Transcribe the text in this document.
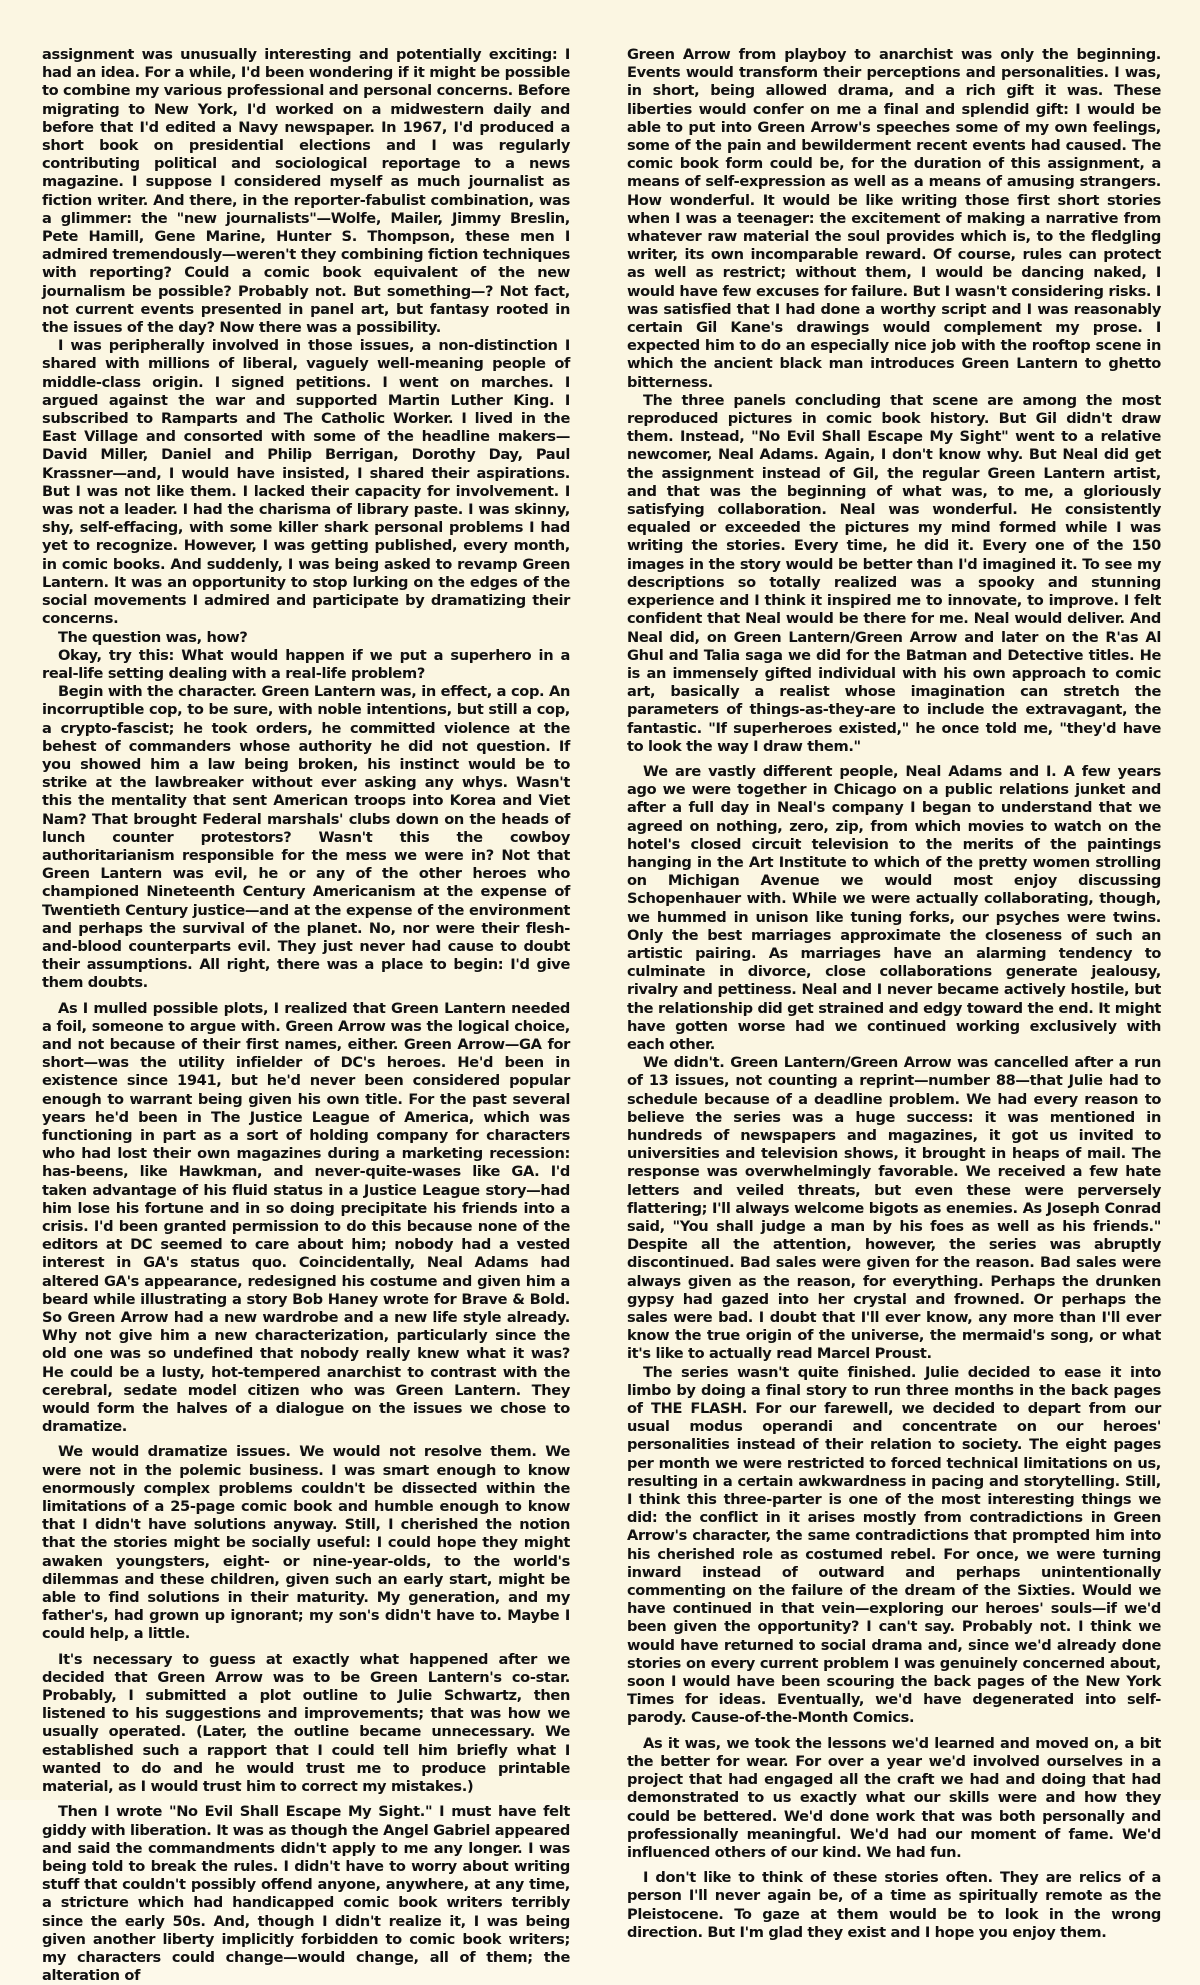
assignment was unusually interesting and potentially exciting: I had an idea. For a while, I'd been wondering if it might be possible to combine my various professional and personal concerns. Before migrating to New York, I'd worked on a midwestern daily and before that I'd edited a Navy newspaper. In 1967, I'd produced a short book on presidential elections and I was regularly contributing political and sociological reportage to a news magazine. I suppose I considered myself as much journalist as fiction writer. And there, in the reporter-fabulist combination, was a glimmer: the "new journalists"—Wolfe, Mailer, Jimmy Breslin, Pete Hamill, Gene Marine, Hunter S. Thompson, these men I admired tremendously—weren't they combining fiction techniques with reporting? Could a comic book equivalent of the new journalism be possible? Probably not. But something—? Not fact, not current events presented in panel art, but fantasy rooted in the issues of the day? Now there was a possibility.

I was peripherally involved in those issues, a non-distinction I shared with millions of liberal, vaguely well-meaning people of middle-class origin. I signed petitions. I went on marches. I argued against the war and supported Martin Luther King. I subscribed to Ramparts and The Catholic Worker. I lived in the East Village and consorted with some of the headline makers—David Miller, Daniel and Philip Berrigan, Dorothy Day, Paul Krassner—and, I would have insisted, I shared their aspirations. But I was not like them. I lacked their capacity for involvement. I was not a leader. I had the charisma of library paste. I was skinny, shy, self-effacing, with some killer shark personal problems I had yet to recognize. However, I was getting published, every month, in comic books. And suddenly, I was being asked to revamp Green Lantern. It was an opportunity to stop lurking on the edges of the social movements I admired and participate by dramatizing their concerns.

The question was, how?

Okay, try this: What would happen if we put a superhero in a real-life setting dealing with a real-life problem?

Begin with the character. Green Lantern was, in effect, a cop. An incorruptible cop, to be sure, with noble intentions, but still a cop, a crypto-fascist; he took orders, he committed violence at the behest of commanders whose authority he did not question. If you showed him a law being broken, his instinct would be to strike at the lawbreaker without ever asking any whys. Wasn't this the mentality that sent American troops into Korea and Viet Nam? That brought Federal marshals' clubs down on the heads of lunch counter protestors? Wasn't this the cowboy authoritarianism responsible for the mess we were in? Not that Green Lantern was evil, he or any of the other heroes who championed Nineteenth Century Americanism at the expense of Twentieth Century justice—and at the expense of the environment and perhaps the survival of the planet. No, nor were their flesh-and-blood counterparts evil. They just never had cause to doubt their assumptions. All right, there was a place to begin: I'd give them doubts.

As I mulled possible plots, I realized that Green Lantern needed a foil, someone to argue with. Green Arrow was the logical choice, and not because of their first names, either. Green Arrow—GA for short—was the utility infielder of DC's heroes. He'd been in existence since 1941, but he'd never been considered popular enough to warrant being given his own title. For the past several years he'd been in The Justice League of America, which was functioning in part as a sort of holding company for characters who had lost their own magazines during a marketing recession: has-beens, like Hawkman, and never-quite-wases like GA. I'd taken advantage of his fluid status in a Justice League story—had him lose his fortune and in so doing precipitate his friends into a crisis. I'd been granted permission to do this because none of the editors at DC seemed to care about him; nobody had a vested interest in GA's status quo. Coincidentally, Neal Adams had altered GA's appearance, redesigned his costume and given him a beard while illustrating a story Bob Haney wrote for Brave & Bold. So Green Arrow had a new wardrobe and a new life style already. Why not give him a new characterization, particularly since the old one was so undefined that nobody really knew what it was? He could be a lusty, hot-tempered anarchist to contrast with the cerebral, sedate model citizen who was Green Lantern. They would form the halves of a dialogue on the issues we chose to dramatize.

We would dramatize issues. We would not resolve them. We were not in the polemic business. I was smart enough to know enormously complex problems couldn't be dissected within the limitations of a 25-page comic book and humble enough to know that I didn't have solutions anyway. Still, I cherished the notion that the stories might be socially useful: I could hope they might awaken youngsters, eight- or nine-year-olds, to the world's dilemmas and these children, given such an early start, might be able to find solutions in their maturity. My generation, and my father's, had grown up ignorant; my son's didn't have to. Maybe I could help, a little.

It's necessary to guess at exactly what happened after we decided that Green Arrow was to be Green Lantern's co-star. Probably, I submitted a plot outline to Julie Schwartz, then listened to his suggestions and improvements; that was how we usually operated. (Later, the outline became unnecessary. We established such a rapport that I could tell him briefly what I wanted to do and he would trust me to produce printable material, as I would trust him to correct my mistakes.)

Then I wrote "No Evil Shall Escape My Sight." I must have felt giddy with liberation. It was as though the Angel Gabriel appeared and said the commandments didn't apply to me any longer. I was being told to break the rules. I didn't have to worry about writing stuff that couldn't possibly offend anyone, anywhere, at any time, a stricture which had handicapped comic book writers terribly since the early 50s. And, though I didn't realize it, I was being given another liberty implicitly forbidden to comic book writers; my characters could change—would change, all of them; the alteration of

Green Arrow from playboy to anarchist was only the beginning. Events would transform their perceptions and personalities. I was, in short, being allowed drama, and a rich gift it was. These liberties would confer on me a final and splendid gift: I would be able to put into Green Arrow's speeches some of my own feelings, some of the pain and bewilderment recent events had caused. The comic book form could be, for the duration of this assignment, a means of self-expression as well as a means of amusing strangers. How wonderful. It would be like writing those first short stories when I was a teenager: the excitement of making a narrative from whatever raw material the soul provides which is, to the fledgling writer, its own incomparable reward. Of course, rules can protect as well as restrict; without them, I would be dancing naked, I would have few excuses for failure. But I wasn't considering risks. I was satisfied that I had done a worthy script and I was reasonably certain Gil Kane's drawings would complement my prose. I expected him to do an especially nice job with the rooftop scene in which the ancient black man introduces Green Lantern to ghetto bitterness.

The three panels concluding that scene are among the most reproduced pictures in comic book history. But Gil didn't draw them. Instead, "No Evil Shall Escape My Sight" went to a relative newcomer, Neal Adams. Again, I don't know why. But Neal did get the assignment instead of Gil, the regular Green Lantern artist, and that was the beginning of what was, to me, a gloriously satisfying collaboration. Neal was wonderful. He consistently equaled or exceeded the pictures my mind formed while I was writing the stories. Every time, he did it. Every one of the 150 images in the story would be better than I'd imagined it. To see my descriptions so totally realized was a spooky and stunning experience and I think it inspired me to innovate, to improve. I felt confident that Neal would be there for me. Neal would deliver. And Neal did, on Green Lantern/Green Arrow and later on the R'as Al Ghul and Talia saga we did for the Batman and Detective titles. He is an immensely gifted individual with his own approach to comic art, basically a realist whose imagination can stretch the parameters of things-as-they-are to include the extravagant, the fantastic. "If superheroes existed," he once told me, "they'd have to look the way I draw them."

We are vastly different people, Neal Adams and I. A few years ago we were together in Chicago on a public relations junket and after a full day in Neal's company I began to understand that we agreed on nothing, zero, zip, from which movies to watch on the hotel's closed circuit television to the merits of the paintings hanging in the Art Institute to which of the pretty women strolling on Michigan Avenue we would most enjoy discussing Schopenhauer with. While we were actually collaborating, though, we hummed in unison like tuning forks, our psyches were twins. Only the best marriages approximate the closeness of such an artistic pairing. As marriages have an alarming tendency to culminate in divorce, close collaborations generate jealousy, rivalry and pettiness. Neal and I never became actively hostile, but the relationship did get strained and edgy toward the end. It might have gotten worse had we continued working exclusively with each other.

We didn't. Green Lantern/Green Arrow was cancelled after a run of 13 issues, not counting a reprint—number 88—that Julie had to schedule because of a deadline problem. We had every reason to believe the series was a huge success: it was mentioned in hundreds of newspapers and magazines, it got us invited to universities and television shows, it brought in heaps of mail. The response was overwhelmingly favorable. We received a few hate letters and veiled threats, but even these were perversely flattering; I'll always welcome bigots as enemies. As Joseph Conrad said, "You shall judge a man by his foes as well as his friends." Despite all the attention, however, the series was abruptly discontinued. Bad sales were given for the reason. Bad sales were always given as the reason, for everything. Perhaps the drunken gypsy had gazed into her crystal and frowned. Or perhaps the sales were bad. I doubt that I'll ever know, any more than I'll ever know the true origin of the universe, the mermaid's song, or what it's like to actually read Marcel Proust.

The series wasn't quite finished. Julie decided to ease it into limbo by doing a final story to run three months in the back pages of THE FLASH. For our farewell, we decided to depart from our usual modus operandi and concentrate on our heroes' personalities instead of their relation to society. The eight pages per month we were restricted to forced technical limitations on us, resulting in a certain awkwardness in pacing and storytelling. Still, I think this three-parter is one of the most interesting things we did: the conflict in it arises mostly from contradictions in Green Arrow's character, the same contradictions that prompted him into his cherished role as costumed rebel. For once, we were turning inward instead of outward and perhaps unintentionally commenting on the failure of the dream of the Sixties. Would we have continued in that vein—exploring our heroes' souls—if we'd been given the opportunity? I can't say. Probably not. I think we would have returned to social drama and, since we'd already done stories on every current problem I was genuinely concerned about, soon I would have been scouring the back pages of the New York Times for ideas. Eventually, we'd have degenerated into self-parody. Cause-of-the-Month Comics.

As it was, we took the lessons we'd learned and moved on, a bit the better for wear. For over a year we'd involved ourselves in a project that had engaged all the craft we had and doing that had demonstrated to us exactly what our skills were and how they could be bettered. We'd done work that was both personally and professionally meaningful. We'd had our moment of fame. We'd influenced others of our kind. We had fun.

I don't like to think of these stories often. They are relics of a person I'll never again be, of a time as spiritually remote as the Pleistocene. To gaze at them would be to look in the wrong direction. But I'm glad they exist and I hope you enjoy them.
